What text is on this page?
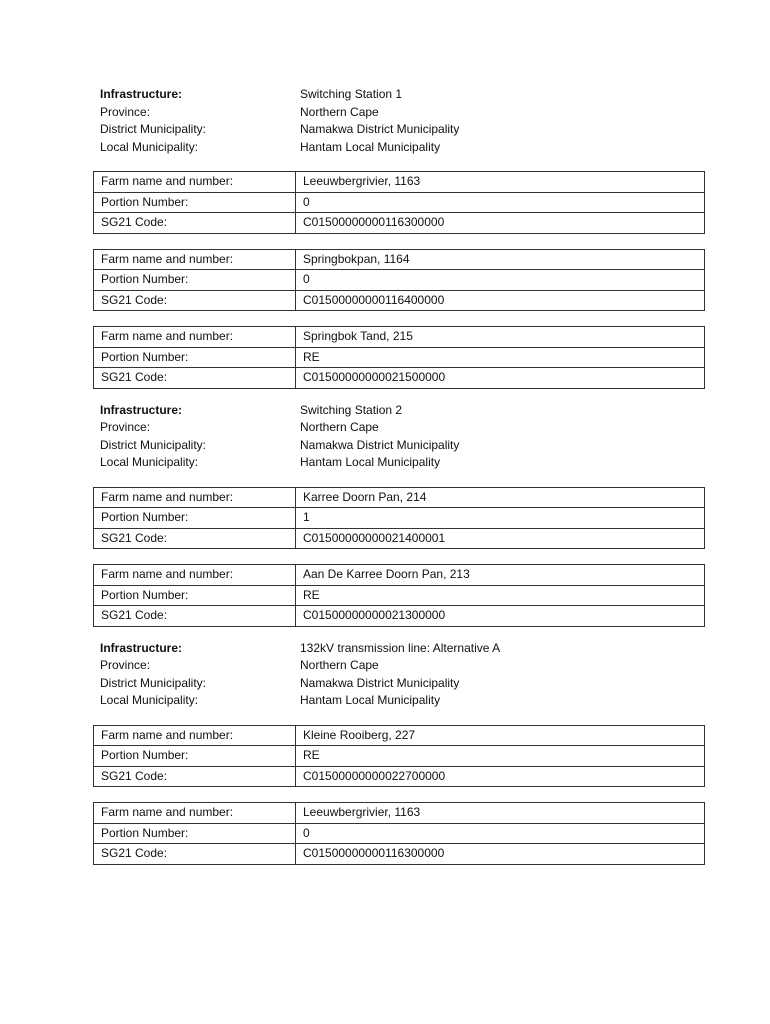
Infrastructure:	Switching Station 1
Province:	Northern Cape
District Municipality:	Namakwa District Municipality
Local Municipality:	Hantam Local Municipality
Farm name and number:	Leeuwbergrivier, 1163
Portion Number:	0
SG21 Code:	C01500000000116300000
Farm name and number:	Springbokpan, 1164
Portion Number:	0
SG21 Code:	C01500000000116400000
Farm name and number:	Springbok Tand, 215
Portion Number:	RE
SG21 Code:	C01500000000021500000
Infrastructure:	Switching Station 2
Province:	Northern Cape
District Municipality:	Namakwa District Municipality
Local Municipality:	Hantam Local Municipality
Farm name and number:	Karree Doorn Pan, 214
Portion Number:	1
SG21 Code:	C01500000000021400001
Farm name and number:	Aan De Karree Doorn Pan, 213
Portion Number:	RE
SG21 Code:	C01500000000021300000
Infrastructure:	132kV transmission line: Alternative A
Province:	Northern Cape
District Municipality:	Namakwa District Municipality
Local Municipality:	Hantam Local Municipality
Farm name and number:	Kleine Rooiberg, 227
Portion Number:	RE
SG21 Code:	C01500000000022700000
Farm name and number:	Leeuwbergrivier, 1163
Portion Number:	0
SG21 Code:	C01500000000116300000
